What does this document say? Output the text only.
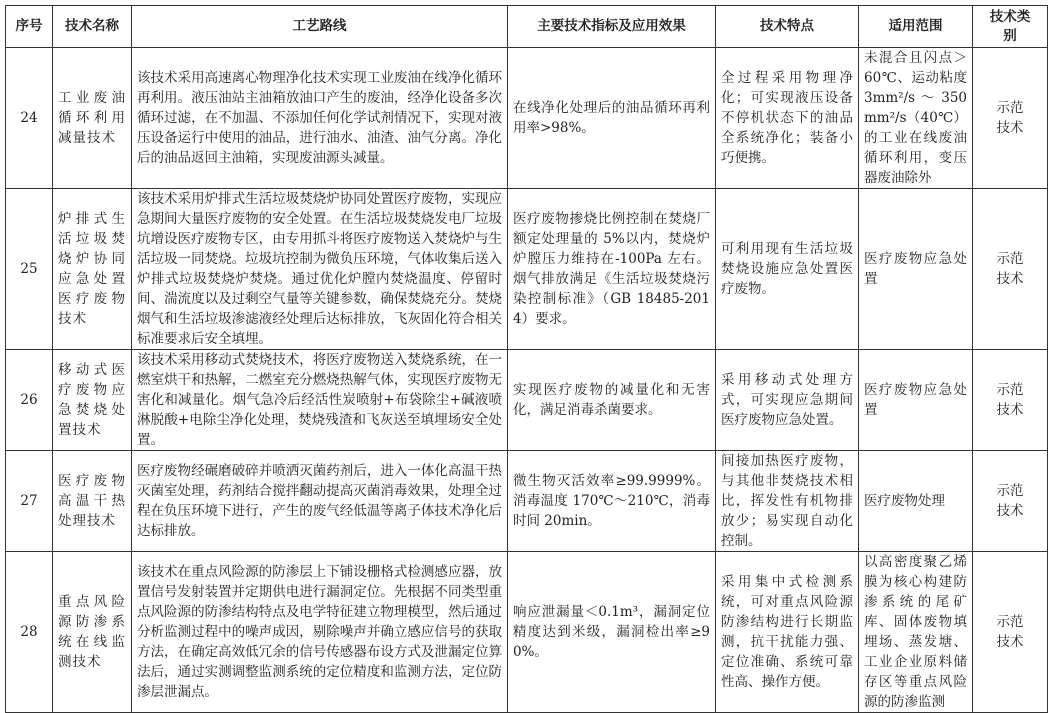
序号	技术名称	工艺路线	主要技术指标及应用效果	技术特点	适用范围	技术类别
24	工业废油循环利用减量技术	该技术采用高速离心物理净化技术实现工业废油在线净化循环再利用。液压油站主油箱放油口产生的废油，经净化设备多次循环过滤，在不加温、不添加任何化学试剂情况下，实现对液压设备运行中使用的油品，进行油水、油渣、油气分离。净化后的油品返回主油箱，实现废油源头减量。	在线净化处理后的油品循环再利用率>98%。	全过程采用物理净化；可实现液压设备不停机状态下的油品全系统净化；装备小巧便携。	未混合且闪点＞60℃、运动粘度3mm²/s ～ 350mm²/s（40℃）的工业在线废油循环利用，变压器废油除外	示范技术
25	炉排式生活垃圾焚烧炉协同应急处置医疗废物技术	该技术采用炉排式生活垃圾焚烧炉协同处置医疗废物，实现应急期间大量医疗废物的安全处置。在生活垃圾焚烧发电厂垃圾坑增设医疗废物专区，由专用抓斗将医疗废物送入焚烧炉与生活垃圾一同焚烧。垃圾坑控制为微负压环境，气体收集后送入炉排式垃圾焚烧炉焚烧。通过优化炉膛内焚烧温度、停留时间、湍流度以及过剩空气量等关键参数，确保焚烧充分。焚烧烟气和生活垃圾渗滤液经处理后达标排放，飞灰固化符合相关标准要求后安全填埋。	医疗废物掺烧比例控制在焚烧厂额定处理量的 5%以内，焚烧炉炉膛压力维持在-100Pa 左右。烟气排放满足《生活垃圾焚烧污染控制标准》（GB 18485-2014）要求。	可利用现有生活垃圾焚烧设施应急处置医疗废物。	医疗废物应急处置	示范技术
26	移动式医疗废物应急焚烧处置技术	该技术采用移动式焚烧技术，将医疗废物送入焚烧系统，在一燃室烘干和热解，二燃室充分燃烧热解气体，实现医疗废物无害化和减量化。烟气急冷后经活性炭喷射+布袋除尘+碱液喷淋脱酸+电除尘净化处理，焚烧残渣和飞灰送至填埋场安全处置。	实现医疗废物的减量化和无害化，满足消毒杀菌要求。	采用移动式处理方式，可实现应急期间医疗废物应急处置。	医疗废物应急处置	示范技术
27	医疗废物高温干热处理技术	医疗废物经碾磨破碎并喷洒灭菌药剂后，进入一体化高温干热灭菌室处理，药剂结合搅拌翻动提高灭菌消毒效果，处理全过程在负压环境下进行，产生的废气经低温等离子体技术净化后达标排放。	微生物灭活效率≥99.9999%。消毒温度 170℃～210℃，消毒时间 20min。	间接加热医疗废物，与其他非焚烧技术相比，挥发性有机物排放少；易实现自动化控制。	医疗废物处理	示范技术
28	重点风险源防渗系统在线监测技术	该技术在重点风险源的防渗层上下铺设栅格式检测感应器，放置信号发射装置并定期供电进行漏洞定位。先根据不同类型重点风险源的防渗结构特点及电学特征建立物理模型，然后通过分析监测过程中的噪声成因，剔除噪声并确立感应信号的获取方法，在确定高效低冗余的信号传感器布设方式及泄漏定位算法后，通过实测调整监测系统的定位精度和监测方法，定位防渗层泄漏点。	响应泄漏量＜0.1m³，漏洞定位精度达到米级，漏洞检出率≥90%。	采用集中式检测系统，可对重点风险源防渗结构进行长期监测，抗干扰能力强、定位准确、系统可靠性高、操作方便。	以高密度聚乙烯膜为核心构建防渗系统的尾矿库、固体废物填埋场、蒸发塘、工业企业原料储存区等重点风险源的防渗监测	示范技术
